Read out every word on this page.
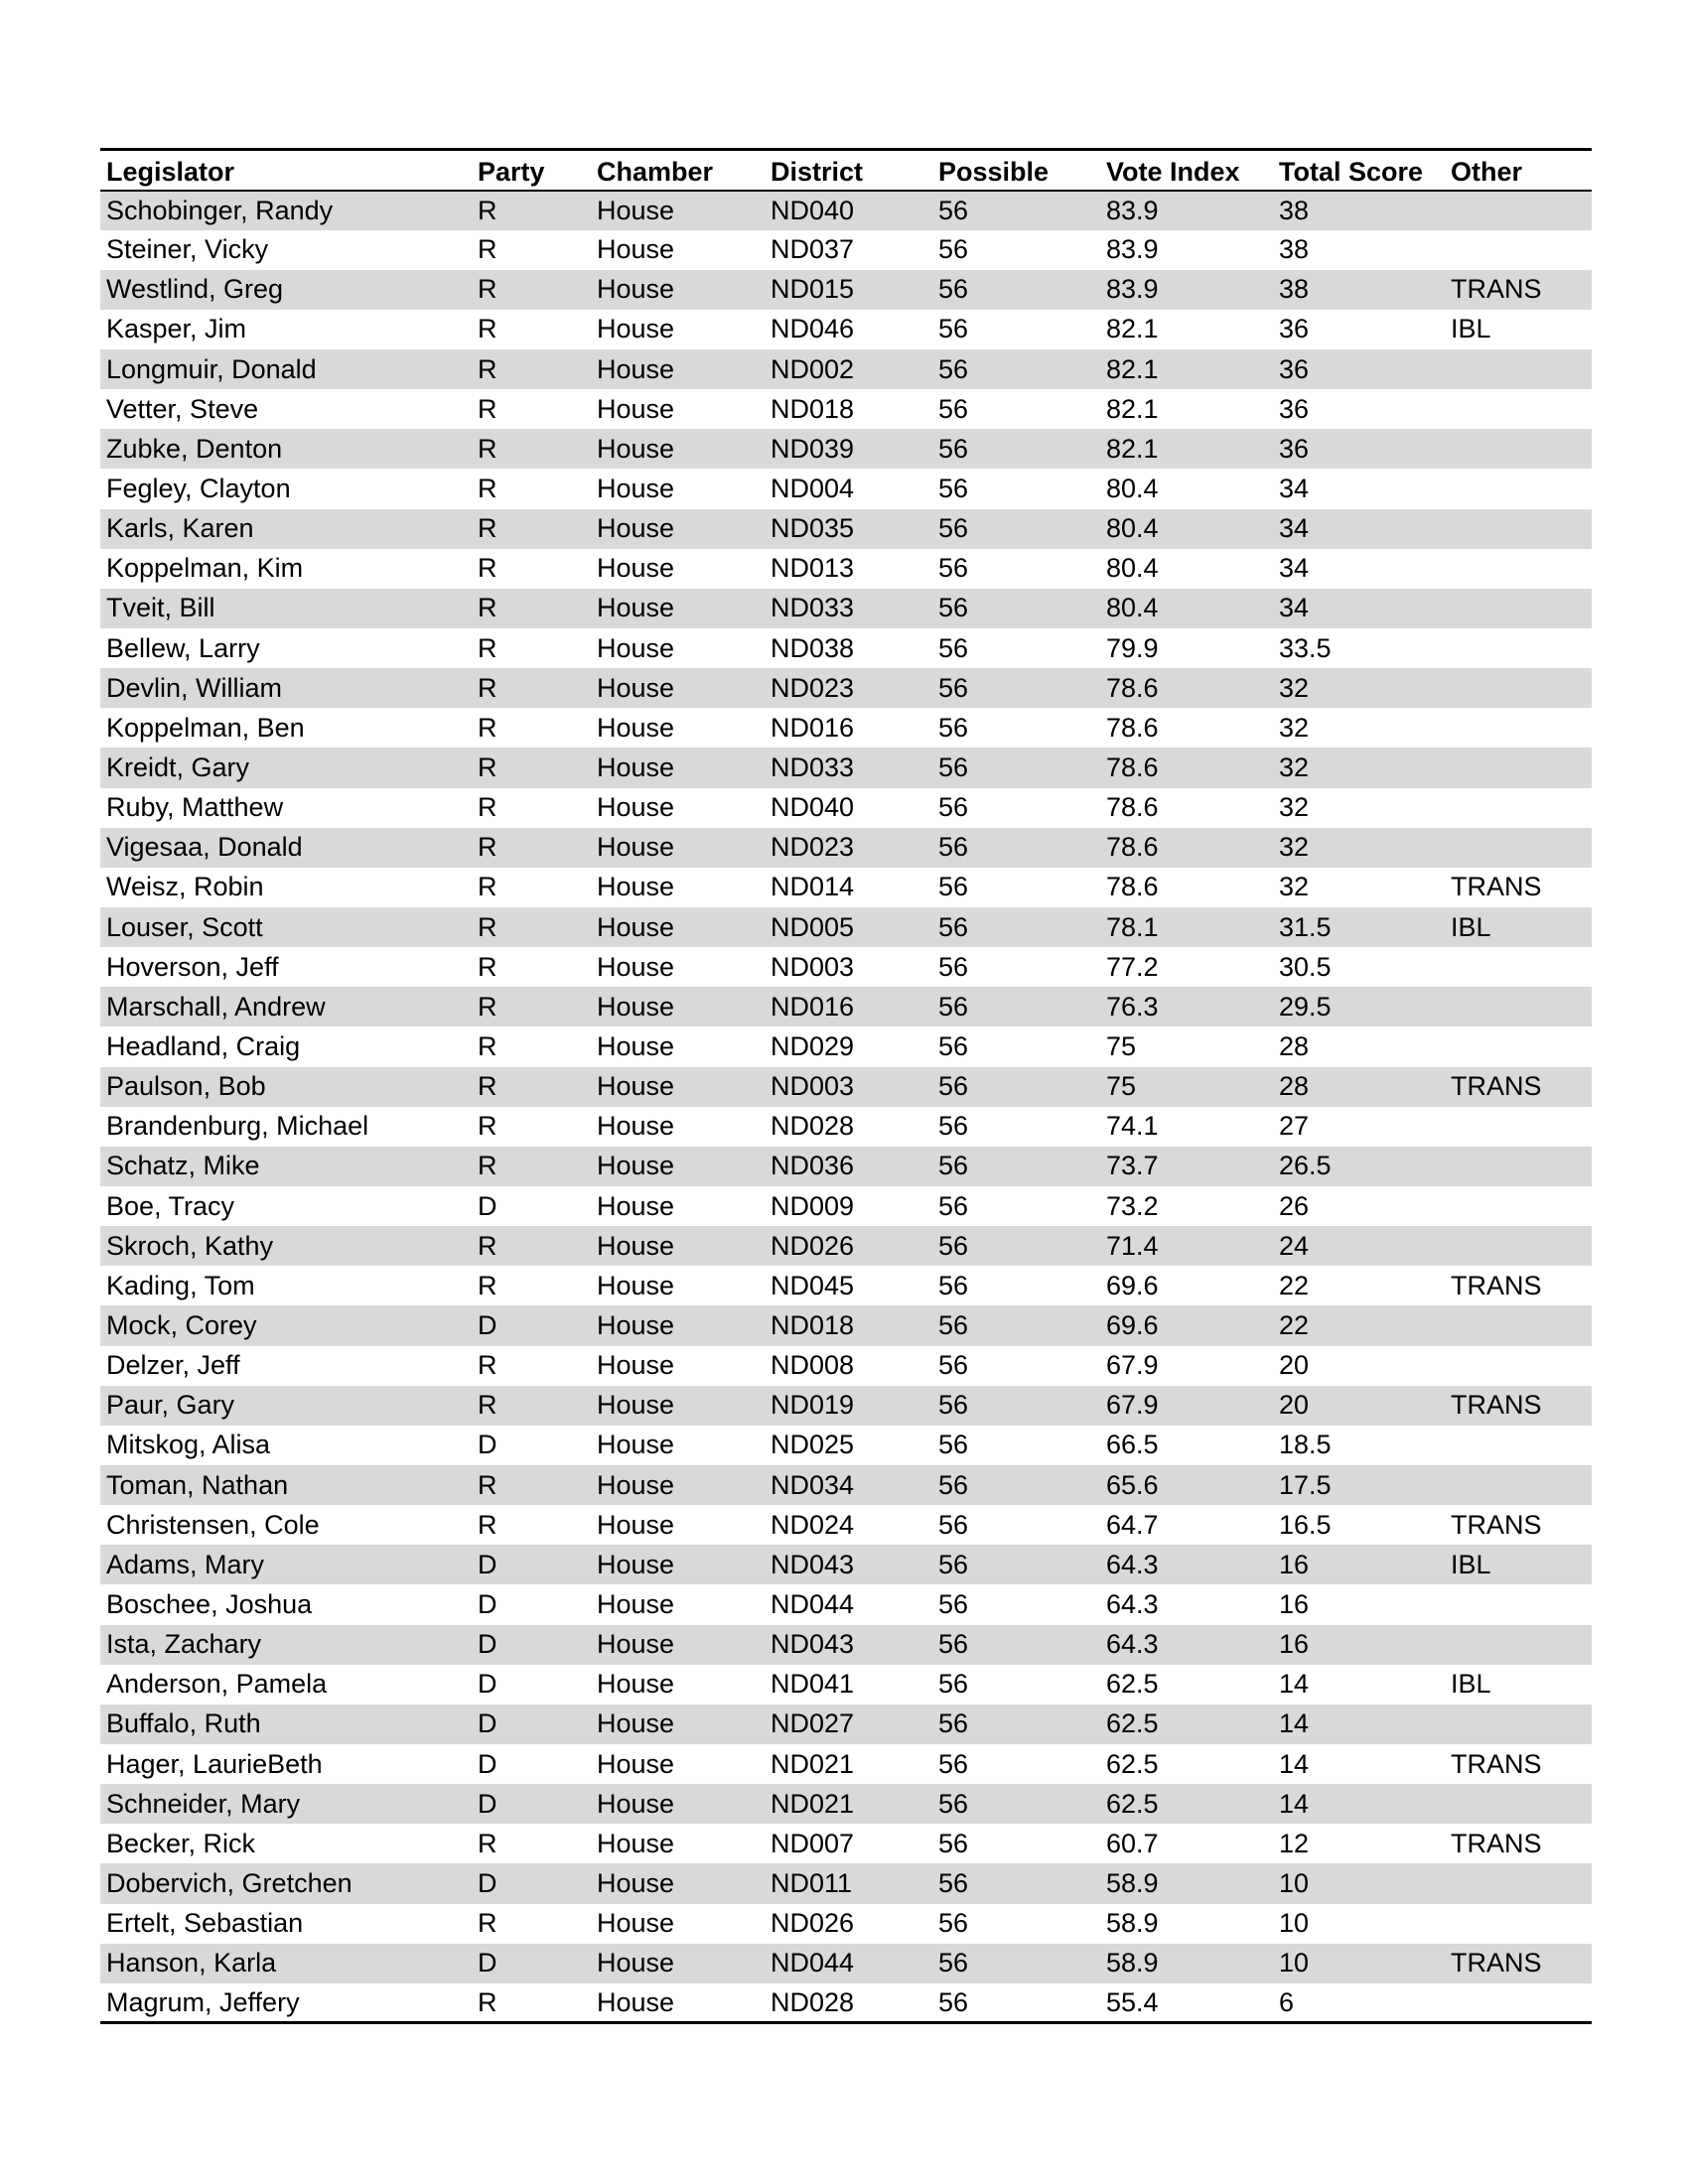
Legislator	Party	Chamber	District	Possible	Vote Index	Total Score	Other
Schobinger, Randy	R	House	ND040	56	83.9	38	
Steiner, Vicky	R	House	ND037	56	83.9	38	
Westlind, Greg	R	House	ND015	56	83.9	38	TRANS
Kasper, Jim	R	House	ND046	56	82.1	36	IBL
Longmuir, Donald	R	House	ND002	56	82.1	36	
Vetter, Steve	R	House	ND018	56	82.1	36	
Zubke, Denton	R	House	ND039	56	82.1	36	
Fegley, Clayton	R	House	ND004	56	80.4	34	
Karls, Karen	R	House	ND035	56	80.4	34	
Koppelman, Kim	R	House	ND013	56	80.4	34	
Tveit, Bill	R	House	ND033	56	80.4	34	
Bellew, Larry	R	House	ND038	56	79.9	33.5	
Devlin, William	R	House	ND023	56	78.6	32	
Koppelman, Ben	R	House	ND016	56	78.6	32	
Kreidt, Gary	R	House	ND033	56	78.6	32	
Ruby, Matthew	R	House	ND040	56	78.6	32	
Vigesaa, Donald	R	House	ND023	56	78.6	32	
Weisz, Robin	R	House	ND014	56	78.6	32	TRANS
Louser, Scott	R	House	ND005	56	78.1	31.5	IBL
Hoverson, Jeff	R	House	ND003	56	77.2	30.5	
Marschall, Andrew	R	House	ND016	56	76.3	29.5	
Headland, Craig	R	House	ND029	56	75	28	
Paulson, Bob	R	House	ND003	56	75	28	TRANS
Brandenburg, Michael	R	House	ND028	56	74.1	27	
Schatz, Mike	R	House	ND036	56	73.7	26.5	
Boe, Tracy	D	House	ND009	56	73.2	26	
Skroch, Kathy	R	House	ND026	56	71.4	24	
Kading, Tom	R	House	ND045	56	69.6	22	TRANS
Mock, Corey	D	House	ND018	56	69.6	22	
Delzer, Jeff	R	House	ND008	56	67.9	20	
Paur, Gary	R	House	ND019	56	67.9	20	TRANS
Mitskog, Alisa	D	House	ND025	56	66.5	18.5	
Toman, Nathan	R	House	ND034	56	65.6	17.5	
Christensen, Cole	R	House	ND024	56	64.7	16.5	TRANS
Adams, Mary	D	House	ND043	56	64.3	16	IBL
Boschee, Joshua	D	House	ND044	56	64.3	16	
Ista, Zachary	D	House	ND043	56	64.3	16	
Anderson, Pamela	D	House	ND041	56	62.5	14	IBL
Buffalo, Ruth	D	House	ND027	56	62.5	14	
Hager, LaurieBeth	D	House	ND021	56	62.5	14	TRANS
Schneider, Mary	D	House	ND021	56	62.5	14	
Becker, Rick	R	House	ND007	56	60.7	12	TRANS
Dobervich, Gretchen	D	House	ND011	56	58.9	10	
Ertelt, Sebastian	R	House	ND026	56	58.9	10	
Hanson, Karla	D	House	ND044	56	58.9	10	TRANS
Magrum, Jeffery	R	House	ND028	56	55.4	6	
